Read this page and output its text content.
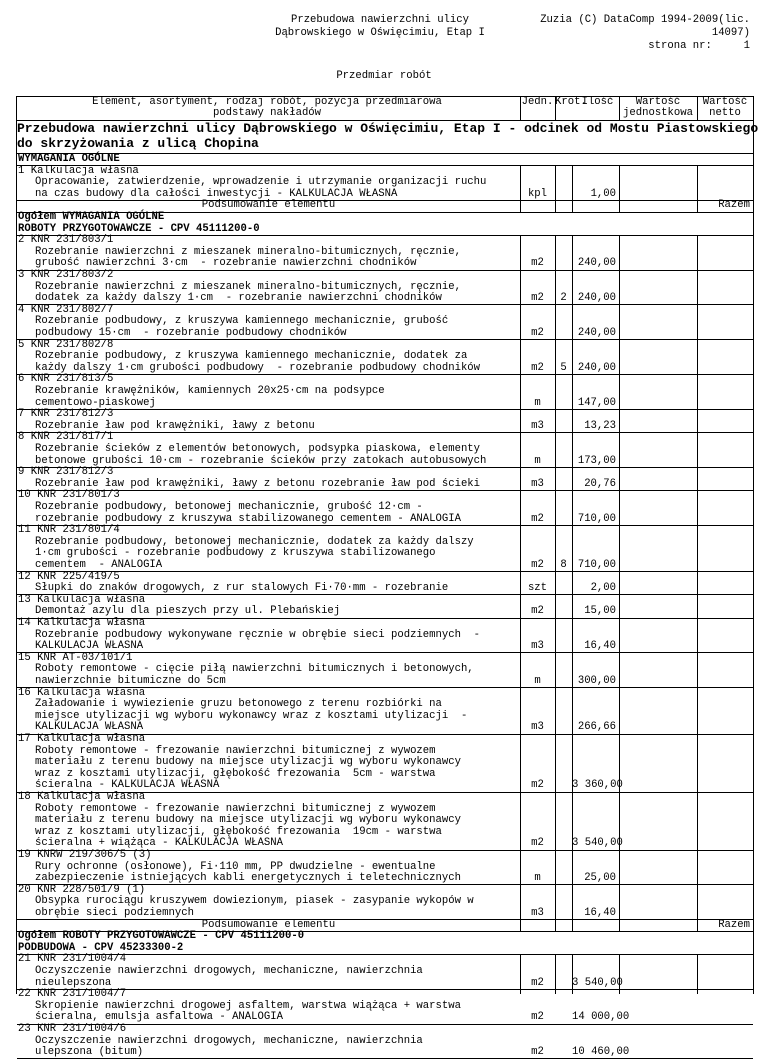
Przebudowa nawierzchni ulicy
Dąbrowskiego w Oświęcimiu, Etap I
Zuzia (C) DataComp 1994-2009(lic.
14097)
strona nr:     1
Przedmiar robót
Element, asortyment, rodzaj robót, pozycja przedmiarowa
podstawy nakładów
Jedn. Krot.
Ilość	Wartość
jednostkowa
Wartość
netto
Przebudowa nawierzchni ulicy Dąbrowskiego w Oświęcimiu, Etap I - odcinek od Mostu Piastowskiego
do skrzyżowania z ulicą Chopina
WYMAGANIA OGÓLNE
1 Kalkulacja własna
Opracowanie, zatwierdzenie, wprowadzenie i utrzymanie organizacji ruchu
na czas budowy dla całości inwestycji - KALKULACJA WŁASNA	kpl	1,00
Podsumowanie elementu	Razem
Ogółem WYMAGANIA OGÓLNE
ROBOTY PRZYGOTOWAWCZE - CPV 45111200-0
2 KNR 231/803/1
Rozebranie nawierzchni z mieszanek mineralno-bitumicznych, ręcznie,
grubość nawierzchni 3·cm  - rozebranie nawierzchni chodników	m2	240,00
3 KNR 231/803/2
Rozebranie nawierzchni z mieszanek mineralno-bitumicznych, ręcznie,
dodatek za każdy dalszy 1·cm  - rozebranie nawierzchni chodników	m2	2	240,00
4 KNR 231/802/7
Rozebranie podbudowy, z kruszywa kamiennego mechanicznie, grubość
podbudowy 15·cm  - rozebranie podbudowy chodników	m2	240,00
5 KNR 231/802/8
Rozebranie podbudowy, z kruszywa kamiennego mechanicznie, dodatek za
każdy dalszy 1·cm grubości podbudowy  - rozebranie podbudowy chodników	m2	5	240,00
6 KNR 231/813/5
Rozebranie krawężników, kamiennych 20x25·cm na podsypce
cementowo-piaskowej	m	147,00
7 KNR 231/812/3
Rozebranie ław pod krawężniki, ławy z betonu	m3	13,23
8 KNR 231/817/1
Rozebranie ścieków z elementów betonowych, podsypka piaskowa, elementy
betonowe grubości 10·cm - rozebranie ścieków przy zatokach autobusowych	m	173,00
9 KNR 231/812/3
Rozebranie ław pod krawężniki, ławy z betonu rozebranie ław pod ścieki	m3	20,76
10 KNR 231/801/3
Rozebranie podbudowy, betonowej mechanicznie, grubość 12·cm -
rozebranie podbudowy z kruszywa stabilizowanego cementem - ANALOGIA	m2	710,00
11 KNR 231/801/4
Rozebranie podbudowy, betonowej mechanicznie, dodatek za każdy dalszy
1·cm grubości - rozebranie podbudowy z kruszywa stabilizowanego
cementem  - ANALOGIA	m2	8	710,00
12 KNR 225/419/5
Słupki do znaków drogowych, z rur stalowych Fi·70·mm - rozebranie	szt	2,00
13 Kalkulacja własna
Demontaż azylu dla pieszych przy ul. Plebańskiej	m2	15,00
14 Kalkulacja własna
Rozebranie podbudowy wykonywane ręcznie w obrębie sieci podziemnych  -
KALKULACJA WŁASNA	m3	16,40
15 KNR AT-03/101/1
Roboty remontowe - cięcie piłą nawierzchni bitumicznych i betonowych,
nawierzchnie bitumiczne do 5cm	m	300,00
16 Kalkulacja własna
Załadowanie i wywiezienie gruzu betonowego z terenu rozbiórki na
miejsce utylizacji wg wyboru wykonawcy wraz z kosztami utylizacji  -
KALKULACJA WŁASNA	m3	266,66
17 Kalkulacja własna
Roboty remontowe - frezowanie nawierzchni bitumicznej z wywozem
materiału z terenu budowy na miejsce utylizacji wg wyboru wykonawcy
wraz z kosztami utylizacji, głębokość frezowania  5cm - warstwa
ścieralna - KALKULACJA WŁASNA	m2	3 360,00
18 Kalkulacja własna
Roboty remontowe - frezowanie nawierzchni bitumicznej z wywozem
materiału z terenu budowy na miejsce utylizacji wg wyboru wykonawcy
wraz z kosztami utylizacji, głębokość frezowania  19cm - warstwa
ścieralna + wiążąca - KALKULACJA WŁASNA	m2	3 540,00
19 KNRW 219/306/5 (3)
Rury ochronne (osłonowe), Fi·110 mm, PP dwudzielne - ewentualne
zabezpieczenie istniejących kabli energetycznych i teletechnicznych	m	25,00
20 KNR 228/501/9 (1)
Obsypka rurociągu kruszywem dowiezionym, piasek - zasypanie wykopów w
obrębie sieci podziemnych	m3	16,40
Podsumowanie elementu	Razem
Ogółem ROBOTY PRZYGOTOWAWCZE - CPV 45111200-0
PODBUDOWA - CPV 45233300-2
21 KNR 231/1004/4
Oczyszczenie nawierzchni drogowych, mechaniczne, nawierzchnia
nieulepszona	m2	3 540,00
22 KNR 231/1004/7
Skropienie nawierzchni drogowej asfaltem, warstwa wiążąca + warstwa
ścieralna, emulsja asfaltowa - ANALOGIA	m2	14 000,00
23 KNR 231/1004/6
Oczyszczenie nawierzchni drogowych, mechaniczne, nawierzchnia
ulepszona (bitum)	m2	10 460,00
